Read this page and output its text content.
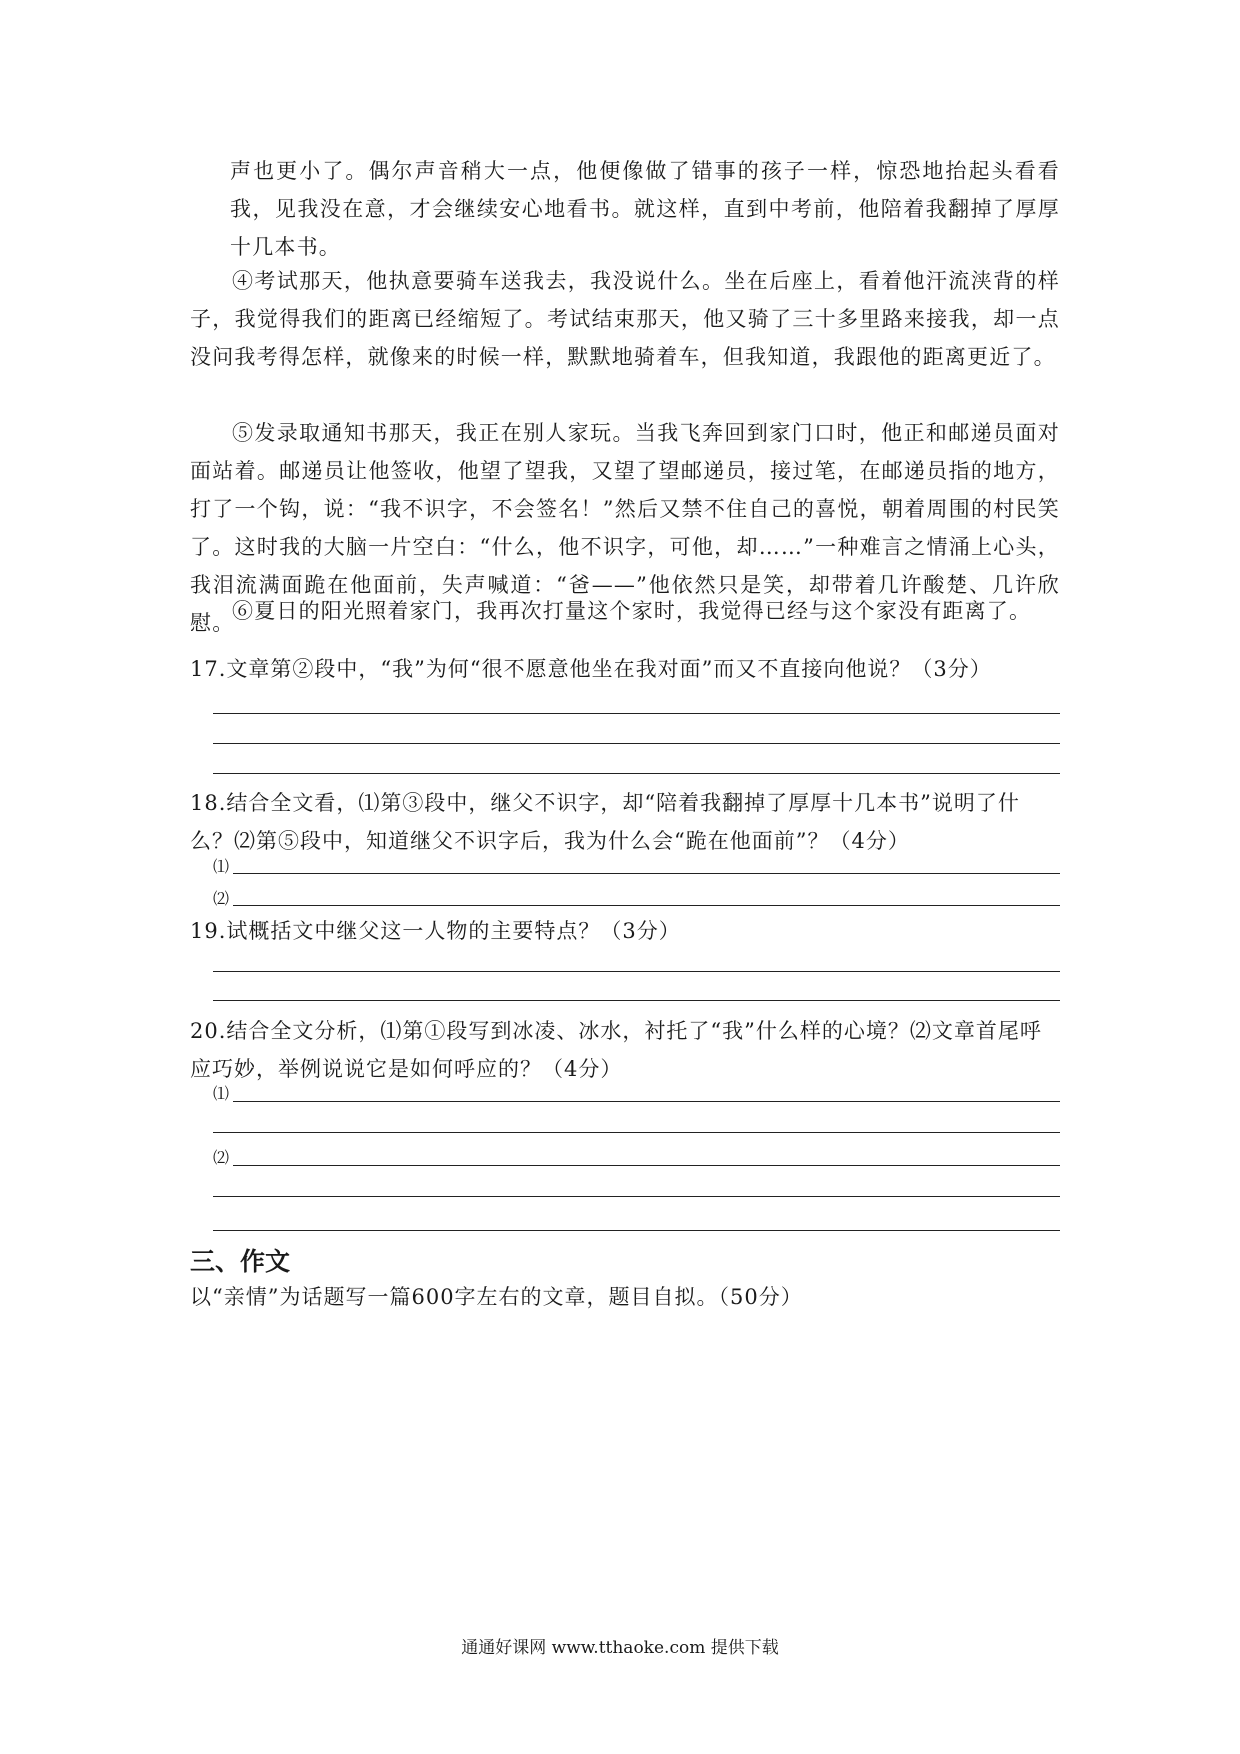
声也更小了。偶尔声音稍大一点，他便像做了错事的孩子一样，惊恐地抬起头看看我，见我没在意，才会继续安心地看书。就这样，直到中考前，他陪着我翻掉了厚厚十几本书。

④考试那天，他执意要骑车送我去，我没说什么。坐在后座上，看着他汗流浃背的样子，我觉得我们的距离已经缩短了。考试结束那天，他又骑了三十多里路来接我，却一点没问我考得怎样，就像来的时候一样，默默地骑着车，但我知道，我跟他的距离更近了。

⑤发录取通知书那天，我正在别人家玩。当我飞奔回到家门口时，他正和邮递员面对面站着。邮递员让他签收，他望了望我，又望了望邮递员，接过笔，在邮递员指的地方，打了一个钩，说：“我不识字，不会签名！”然后又禁不住自己的喜悦，朝着周围的村民笑了。这时我的大脑一片空白：“什么，他不识字，可他，却……”一种难言之情涌上心头，我泪流满面跪在他面前，失声喊道：“爸——”他依然只是笑，却带着几许酸楚、几许欣慰。

⑥夏日的阳光照着家门，我再次打量这个家时，我觉得已经与这个家没有距离了。

17.文章第②段中，“我”为何“很不愿意他坐在我对面”而又不直接向他说？（3分）

18.结合全文看，⑴第③段中，继父不识字，却“陪着我翻掉了厚厚十几本书”说明了什么？⑵第⑤段中，知道继父不识字后，我为什么会“跪在他面前”？（4分）

⑴
⑵

19.试概括文中继父这一人物的主要特点？（3分）

20.结合全文分析，⑴第①段写到冰凌、冰水，衬托了“我”什么样的心境？⑵文章首尾呼应巧妙，举例说说它是如何呼应的？（4分）

⑴
⑵
三、作文

以“亲情”为话题写一篇600字左右的文章，题目自拟。（50分）

通通好课网 www.tthaoke.com 提供下载
